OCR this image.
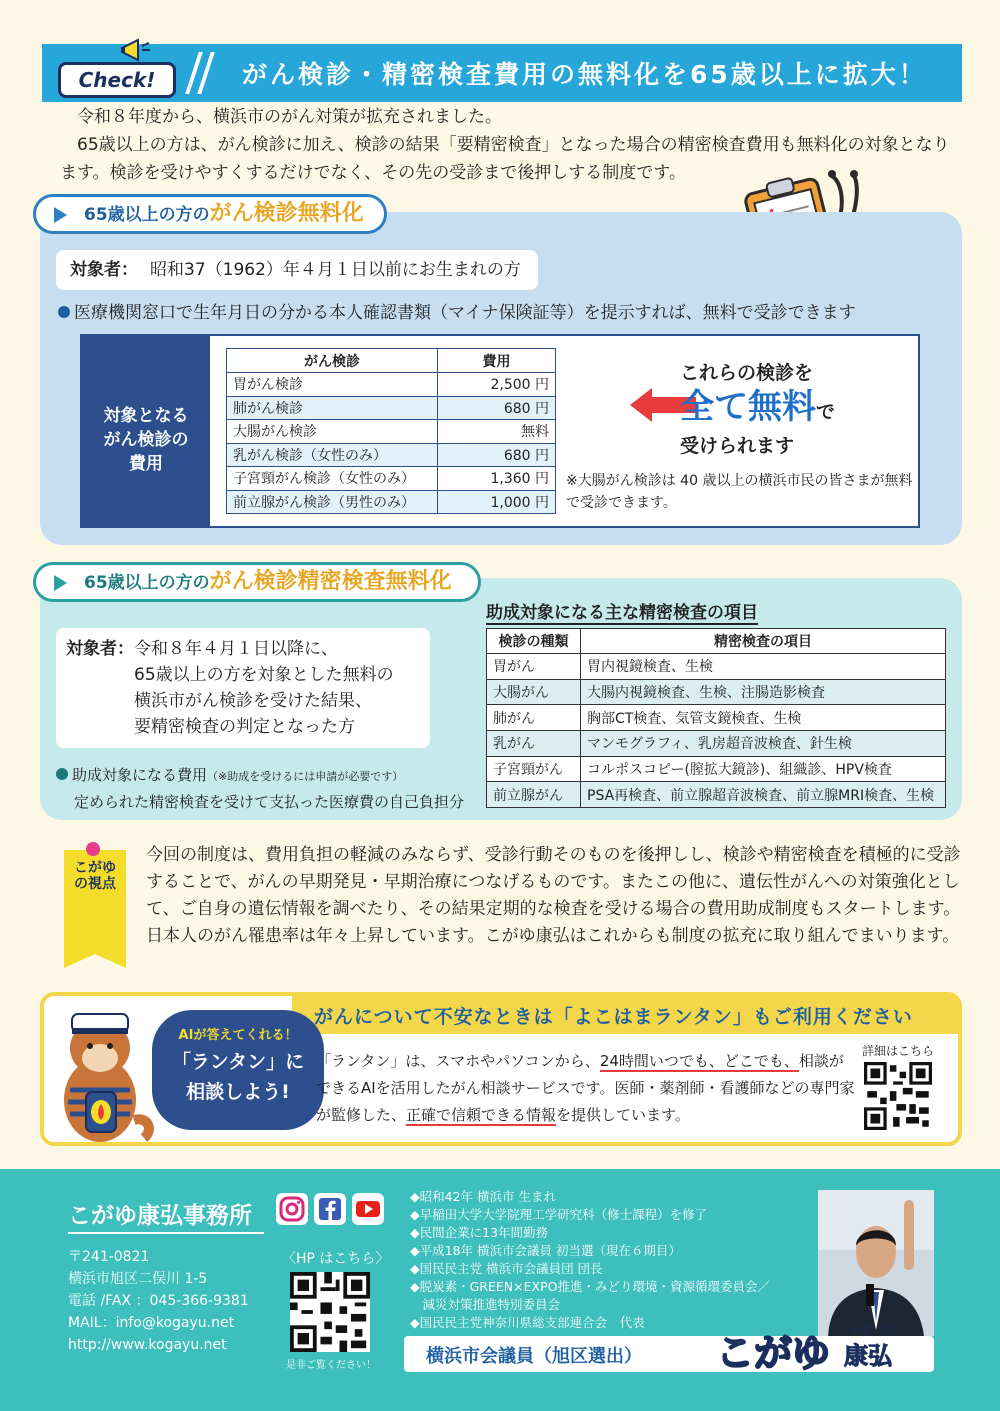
Check!	がん検診・精密検査費用の無料化を65歳以上に拡大！

令和８年度から、横浜市のがん対策が拡充されました。

65歳以上の方は、がん検診に加え、検診の結果「要精密検査」となった場合の精密検査費用も無料化の対象となります。検診を受けやすくするだけでなく、その先の受診まで後押しする制度です。

65歳以上の方のがん検診無料化
対象者： 昭和37（1962）年４月１日以前にお生まれの方
医療機関窓口で生年月日の分かる本人確認書類（マイナ保険証等）を提示すれば、無料で受診できます
対象となる
がん検診の
費用
がん検診	費用
胃がん検診	2,500 円
肺がん検診	680 円
大腸がん検診	無料
乳がん検診（女性のみ）	680 円
子宮頸がん検診（女性のみ）	1,360 円
前立腺がん検診（男性のみ）	1,000 円
これらの検診を
全て無料で
受けられます
※大腸がん検診は 40 歳以上の横浜市民の皆さまが無料で受診できます。
65歳以上の方のがん検診精密検査無料化
対象者： 令和８年４月１日以降に、
65歳以上の方を対象とした無料の
横浜市がん検診を受けた結果、
要精密検査の判定となった方
助成対象になる費用（※助成を受けるには申請が必要です）
定められた精密検査を受けて支払った医療費の自己負担分
助成対象になる主な精密検査の項目
検診の種類	精密検査の項目
胃がん	胃内視鏡検査、生検
大腸がん	大腸内視鏡検査、生検、注腸造影検査
肺がん	胸部CT検査、気管支鏡検査、生検
乳がん	マンモグラフィ、乳房超音波検査、針生検
子宮頸がん	コルポスコピー(膣拡大鏡診)、組織診、HPV検査
前立腺がん	PSA再検査、前立腺超音波検査、前立腺MRI検査、生検
こがゆの視点
今回の制度は、費用負担の軽減のみならず、受診行動そのものを後押しし、検診や精密検査を積極的に受診することで、がんの早期発見・早期治療につなげるものです。またこの他に、遺伝性がんへの対策強化として、ご自身の遺伝情報を調べたり、その結果定期的な検査を受ける場合の費用助成制度もスタートします。日本人のがん罹患率は年々上昇しています。こがゆ康弘はこれからも制度の拡充に取り組んでまいります。
がんについて不安なときは「よこはまランタン」もご利用ください
AIが答えてくれる！
「ランタン」に
相談しよう!
「ランタン」は、スマホやパソコンから、24時間いつでも、どこでも、相談ができるAIを活用したがん相談サービスです。医師・薬剤師・看護師などの専門家が監修した、正確で信頼できる情報を提供しています。
詳細はこちら
こがゆ康弘事務所
〒241-0821
横浜市旭区二俣川 1-5
電話 /FAX ：045-366-9381
MAIL：info@kogayu.net
http://www.kogayu.net
〈HP はこちら〉
是非ご覧ください！
◆昭和42年 横浜市 生まれ
◆早稲田大学大学院理工学研究科（修士課程）を修了
◆民間企業に13年間勤務
◆平成18年 横浜市会議員 初当選（現在６期目）
◆国民民主党 横浜市会議員団 団長
◆脱炭素・GREEN×EXPO推進・みどり環境・資源循環委員会／
　減災対策推進特別委員会
◆国民民主党神奈川県総支部連合会　代表
横浜市会議員（旭区選出） こがゆ やす　ひろ
康弘
